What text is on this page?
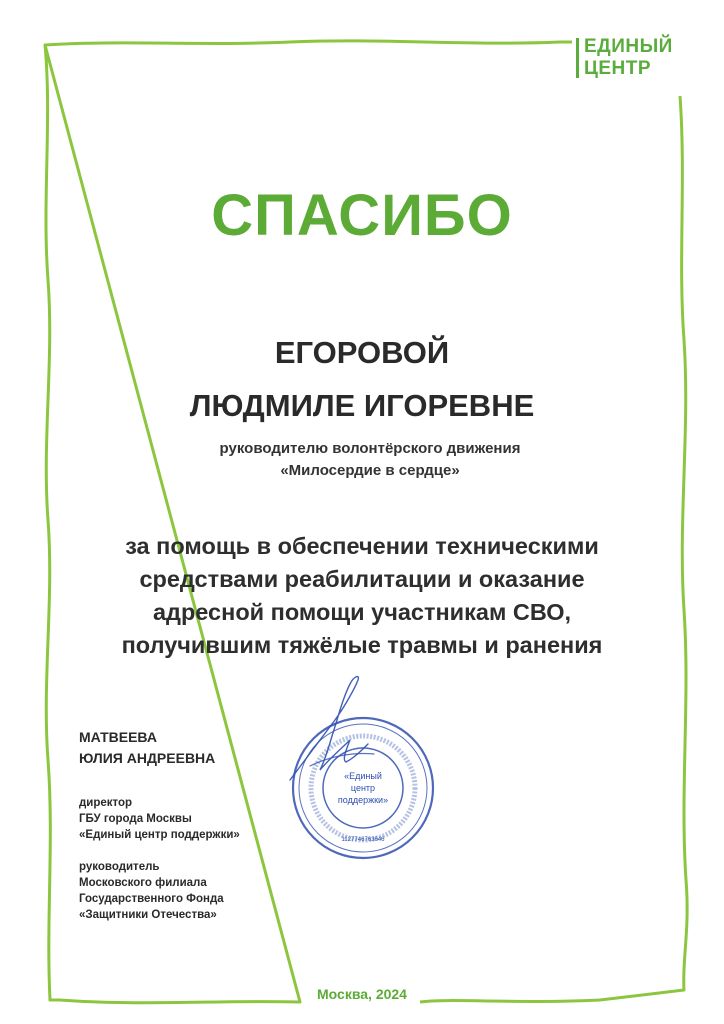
ЕДИНЫЙ
ЦЕНТР
СПАСИБО
ЕГОРОВОЙ
ЛЮДМИЛЕ ИГОРЕВНЕ
руководителю волонтёрского движения
«Милосердие в сердце»
за помощь в обеспечении техническими
средствами реабилитации и оказание
адресной помощи участникам СВО,
получившим тяжёлые травмы и ранения
МАТВЕЕВА
ЮЛИЯ АНДРЕЕВНА
директор
ГБУ города Москвы
«Единый центр поддержки»
руководитель
Московского филиала
Государственного Фонда
«Защитники Отечества»
«Единый
центр
поддержки»
1127746763646
Москва, 2024
